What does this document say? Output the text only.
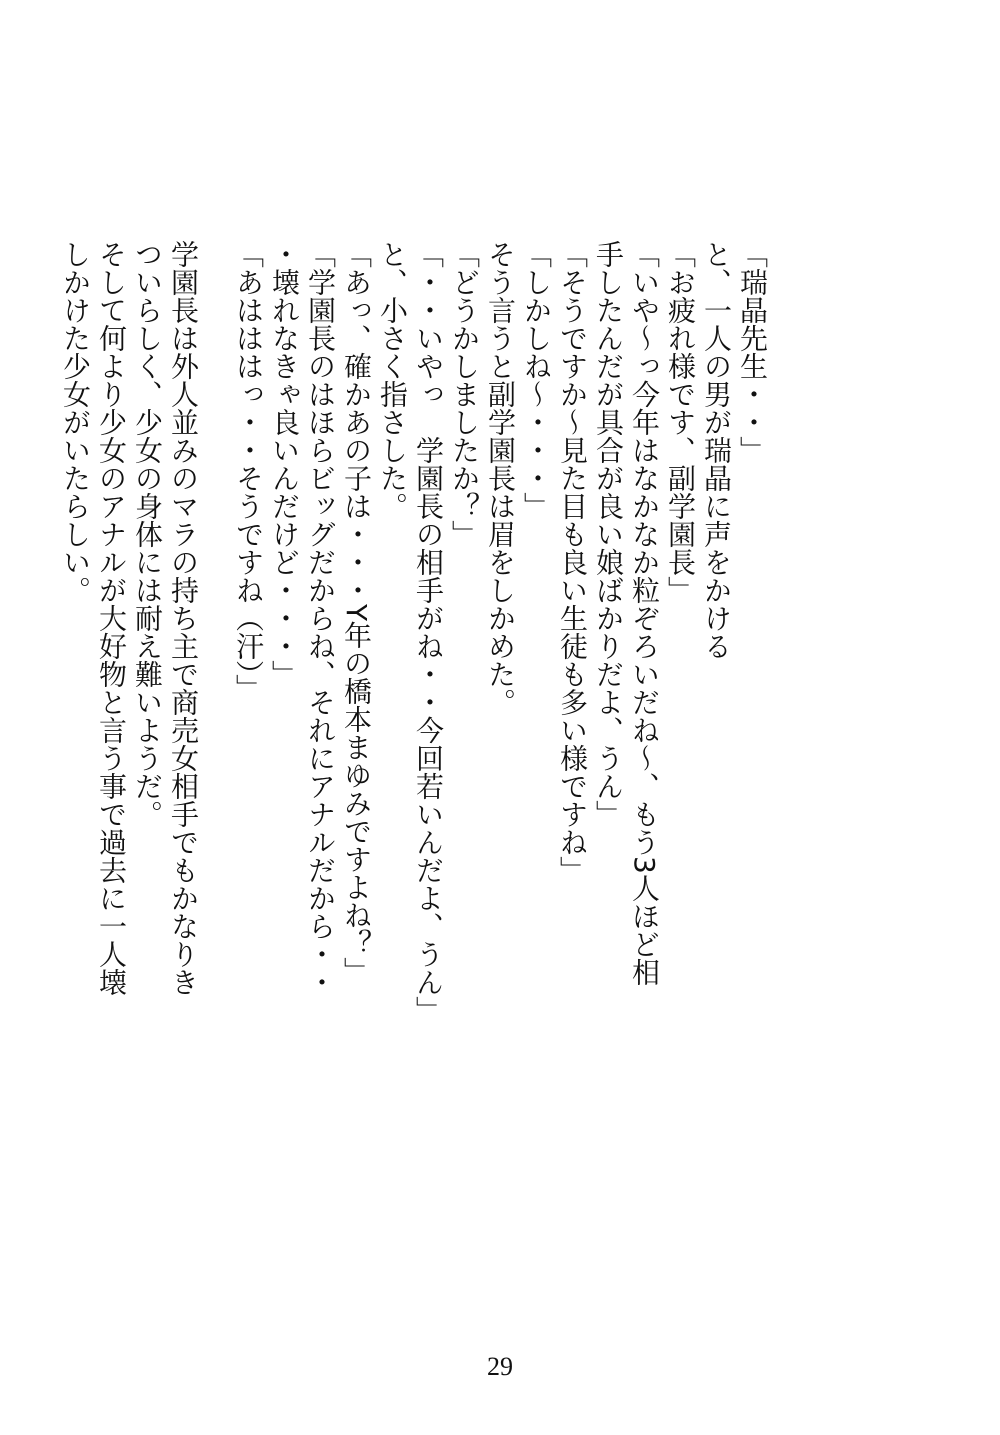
「瑞晶先生・・」
と、一人の男が瑞晶に声をかける
「お疲れ様です、副学園長」
「いや～っ今年はなかなか粒ぞろいだね～、もう3人ほど相
手したんだが具合が良い娘ばかりだよ、うん」
「そうですか～見た目も良い生徒も多い様ですね」
「しかしね～・・・」
そう言うと副学園長は眉をしかめた。
「どうかしましたか？」
「・・いやっ　学園長の相手がね・・今回若いんだよ、うん」
と、小さく指さした。
「あっ、確かあの子は・・・Y年の橋本まゆみですよね？」
「学園長のはほらビッグだからね、それにアナルだから・・
・壊れなきゃ良いんだけど・・・」
「あはははっ・・そうですね（汗）」
学園長は外人並みのマラの持ち主で商売女相手でもかなりき
ついらしく、少女の身体には耐え難いようだ。
そして何より少女のアナルが大好物と言う事で過去に一人壊
しかけた少女がいたらしい。
29
